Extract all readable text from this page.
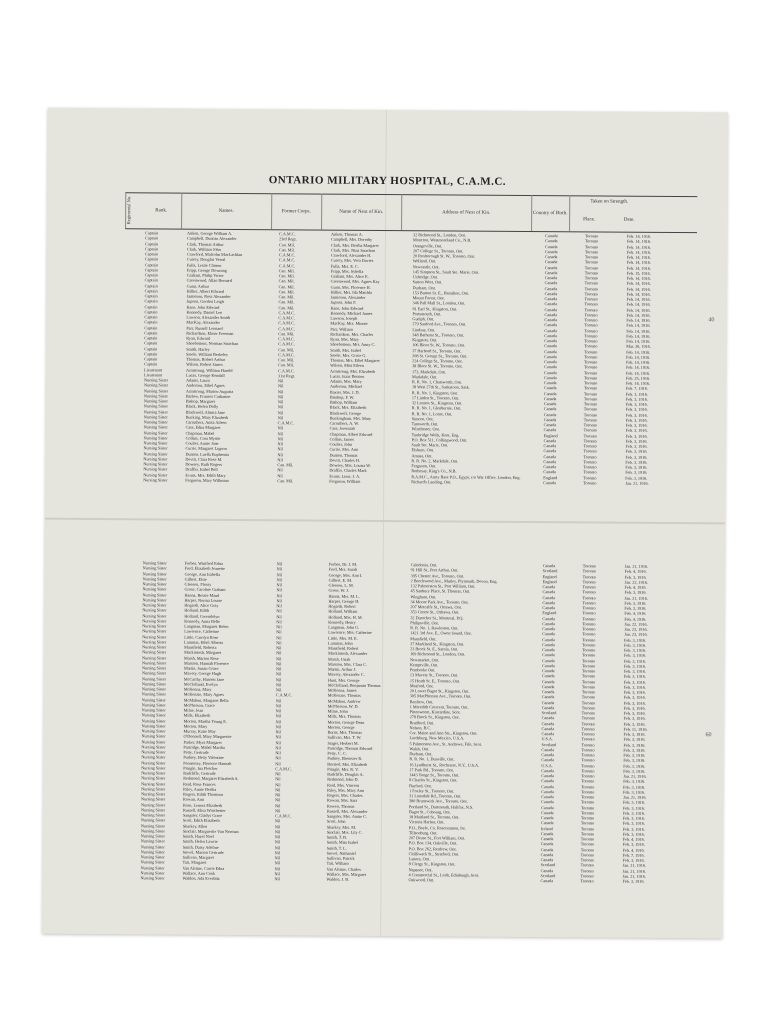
ONTARIO MILITARY HOSPITAL, C.A.M.C.
Regimental No.	Rank.	Names.	Former Corps.	Name of Next of Kin.	Address of Next of Kin.	Country of Birth.
Taken on Strength.
Place.	Date.
Captain	Aitken, George William A.	C.A.M.C.	Aitken, Thomas A.	32 Richmond St., London, Ont.	Canada	Toronto	Feb. 14, 1916.
Captain	Campbell, Duncan Alexander	23rd Regt.	Campbell, Mrs. Dorothy	Moncton, Westmoreland Co., N.B.	Canada	Toronto	Feb. 14, 1916.
Captain	Clark, Thomas Arthur	Can. Mil.	Clark, Mrs. Bertha Margaret	Orangeville, Ont.	Canada	Toronto	Feb. 14, 1916.
Captain	Clark, William John	Can. Mil.	Clark, Mrs. Nina Strachan	207 College St., Toronto, Ont.	Canada	Toronto	Feb. 14, 1916.
Captain	Crawford, Malcolm MacLachlan	C.A.M.C.	Crawford, Alexander H.	20 Roxborough St. W., Toronto, Ont.	Canada	Toronto	Feb. 14, 1916.
Captain	Currey, Douglas Verral	C.A.M.C.	Currey, Mrs. Vera Davies	Welland, Ont.	Canada	Toronto	Feb. 14, 1916.
Captain	Fulla, Leslie Clinton	C.A.M.C.	Fulla, Mrs. E. C.	Newcastle, Ont.	Canada	Toronto	Feb. 14, 1916.
Captain	Fripp, George Downing	Can. Mil.	Fripp, Mrs. Sybella	145 Simpson St., Sault Ste. Marie, Ont.	Canada	Toronto	Feb. 15, 1916.
Captain	Graham, Philip Victor	Can. Mil.	Graham, Mrs. Alice E.	Uxbridge, Ont.	Canada	Toronto	Feb. 14, 1916.
Captain	Greenwood, Allan Bernard	Can. Mil.	Greenwood, Mrs. Agnes Kay	Sutton West, Ont.	Canada	Toronto	Feb. 14, 1916.
Captain	Gunn, Arthur	Can. Mil.	Gunn, Mrs. Florence H.	Durham, Ont.	Canada	Toronto	Feb. 14, 1916.
Captain	Hillier, Albert Edward	Can. Mil.	Hillier, Mrs. Ida Matilda	153 Barton St. E., Hamilton, Ont.	Canada	Toronto	Feb. 14, 1916.
Captain	Jamieson, Ross Alexander	Can. Mil.	Jamieson, Alexander	Mount Forest, Ont.	Canada	Toronto	Feb. 14, 1916.
Captain	Jupson, Gordon Leigh	Can. Mil.	Jupson, John F.	346 Pall Mall St., London, Ont.	Canada	Toronto	Feb. 14, 1916.
Captain	Kane, John Edward	Can. Mil.	Kane, John Edward	81 Earl St., Kingston, Ont.	Canada	Toronto	Feb. 14, 1916.
Captain	Kennedy, Daniel Leo	C.A.M.C.	Kennedy, Michael James	Portsmouth, Ont.	Canada	Toronto	Feb. 14, 1916.
Captain	Lawson, Alexander Smith	C.A.M.C.	Lawson, Joseph	Guelph, Ont.	Canada	Toronto	Feb. 14, 1916.
Captain	MacKay, Alexander	C.A.M.C.	MacKay, Mrs. Minnie	279 Sanford Ave., Toronto, Ont.	Canada	Toronto	Feb. 14, 1916.
Captain	Parr, Russell Leonard	C.A.M.C.	Parr, William	Lindsay, Ont.	Canada	Toronto	Feb. 14, 1916.
Captain	Richardson, Elmer Freeman	Can. Mil.	Richardson, Mrs. Charles	348 Bathurst St., Toronto, Ont.	Canada	Toronto	Feb. 14, 1916.
Captain	Ryan, Edward	C.A.M.C.	Ryan, Mrs. Mary	Kingston, Ont.	Canada	Toronto	Feb. 14, 1916.
Captain	Shoebottom, Norman Strachan	C.A.M.C.	Shoebottom, Mrs. Anny C.	106 Bloor St. W., Toronto, Ont.	Canada	Toronto	Mar. 26, 1916.
Captain	Smith, Harley	Can. Mil.	Smith, Mrs. Isabel	37 Harbord St., Toronto, Ont.	Canada	Toronto	Feb. 14, 1916.
Captain	Steele, William Berkeley	C.A.M.C.	Steele, Mrs. Grace G.	208 St. George St., Toronto, Ont.	Canada	Toronto	Feb. 14, 1916.
Captain	Thomas, Robert Arthur	Can. Mil.	Thomas, Mrs. Ethel Margaret	224 College St., Toronto, Ont.	Canada	Toronto	Feb. 14, 1916.
Captain	Wilson, Robert James	Can. Mil.	Wilson, Miss Eileen	38 Bloor St. W., Toronto, Ont.	Canada	Toronto	Feb. 14, 1916.
Lieutenant	Armstrong, William Harold	C.A.M.C.	Armstrong, Mrs. Elizabeth	173, Markdale, Ont.	Canada	Toronto	Feb. 14, 1916.
Lieutenant	Lucas, George Kendall	31st Regt.	Lucas, Isaac Benson	Markdale, Ont.	Canada	Toronto	Feb. 25, 1916.
Nursing Sister	Adams, Laura	Nil	Adams, Mrs. Mary	R. R. No. 1, Chatsworth, Ont.	Canada	Toronto	Feb. 14, 1916.
Nursing Sister	Anderson, Ethel Agnes	Nil	Anderson, Michael	18 West 27th St., Saskatoon, Sask.	Canada	Toronto	Feb. 7, 1916.
Nursing Sister	Armstrong, Marion Augusta	Nil	Baxter, Mrs. J. D.	R. R. No. 1, Kingston, Ont.	Canada	Toronto	Feb. 3, 1916.
Nursing Sister	Barlow, Frances Catharine	Nil	Bisshop, F. W.	17 Linden St., Toronto, Ont.	Canada	Toronto	Feb. 3, 1916.
Nursing Sister	Bishop, Margaret	Nil	Bishop, William	32 Lennox St., Kingston, Ont.	Canada	Toronto	Feb. 3, 1916.
Nursing Sister	Black, Helen Dolly	Nil	Black, Mrs. Elizabeth	R. R. No. 1, Glenburnie, Ont.	Canada	Toronto	Feb. 3, 1916.
Nursing Sister	Blackwell, Almira Jane	Nil	Blackwell, George	R. R. No. 1, Lorne, Ont.	Canada	Toronto	Feb. 3, 1916.
Nursing Sister	Bucking, Mary Elizabeth	Nil	Buckingham, Mrs. Mary	Simcoe, Ont.	Canada	Toronto	Feb. 3, 1916.
Nursing Sister	Carruthers, Anita Aileen	C.A.M.C.	Carruthers, A. W.	Tamworth, Ont.	Canada	Toronto	Feb. 3, 1916.
Nursing Sister	Cass, Edna Margaret	Nil	Cass, Jeremiah	Winchester, Ont.	Canada	Toronto	Feb. 3, 1916.
Nursing Sister	Chapman, Mabel	Nil	Chapman, Albert Edward	Tunbridge Wells, Kent, Eng.	England	Toronto	Feb. 3, 1916.
Nursing Sister	Collins, Cora Myrtle	Nil	Collins, James	P.O. Box 511, Collingwood, Ont.	Canada	Toronto	Feb. 3, 1916.
Nursing Sister	Coulter, Annie Jane	Nil	Coulter, John	Sault Ste. Marie, Ont.	Canada	Toronto	Feb. 3, 1916.
Nursing Sister	Currie, Margaret Lignon	Nil	Currie, Mrs. Ann	Elsburn, Ont.	Canada	Toronto	Feb. 3, 1916.
Nursing Sister	Dunton, Luella Euphemia	Nil	Dunton, Thomas	Amasa, Ont.	Canada	Toronto	Feb. 3, 1916.
Nursing Sister	Devitt, Clara Rose M.	Nil	Devitt, Charles H.	R. R. No. 2, Markdale, Ont.	Canada	Toronto	Feb. 3, 1916.
Nursing Sister	Dowsey, Ruth Rogers	Can. Mil.	Dowsey, Mrs. Louisa W.	Ferguson, Ont.	Canada	Toronto	Feb. 3, 1916.
Nursing Sister	Draffin, Isabel Bell	Nil	Draffin, Charles Mark	Rothesay, King's Co., N.B.	Canada	Toronto	Feb. 3, 1916.
Nursing Sister	Evans, Mrs. Edith Mary	Nil	Evans, Lieut. J. A.	R.A.M.C., Army Base P.O., Egypt, c/o War Office, London, Eng.	England	Toronto	Feb. 3, 1916.
Nursing Sister	Ferguson, Mary Willmina	Can. Mil.	Ferguson, William	Richard's Landing, Ont.	Canada	Toronto	Jan. 21, 1916.
Nursing Sister	Forbes, Winifred Edna	Nil	Forbes, Dr. J. M.	Caledonia, Ont.	Canada	Toronto	Jan. 21, 1916.
Nursing Sister	Ford, Elizabeth Jeanette	Nil	Ford, Mrs. Sarah	91 Hill St., Port Arthur, Ont.	Scotland	Toronto	Feb. 4, 1916.
Nursing Sister	George, Ann Isabella	Nil	George, Mrs. Ann I.	395 Chester Ave., Toronto, Ont.	England	Toronto	Feb. 3, 1916.
Nursing Sister	Gilbert, Elsie	Nil	Gilbert, E. M.	2 Beechwood Ave., Mutley, Plymouth, Devon, Eng.	England	Toronto	Jan. 22, 1916.
Nursing Sister	Gleeson, Flossy	Nil	Gleeson, L. M.	132 Palmerston St., Port William, Ont.	Canada	Toronto	Feb. 4, 1916.
Nursing Sister	Grose, Caroline Graham	Nil	Grose, W. J.	45 Sanbury Place, St. Thomas, Ont.	Canada	Toronto	Feb. 3, 1916.
Nursing Sister	Hanna, Bessie Maud	Nil	Hanna, Mrs. M. L.	Wingham, Ont.	Canada	Toronto	Jan. 21, 1916.
Nursing Sister	Harper, Norma Louise	Nil	Harper, George H.	34 Moore Park Ave., Toronto, Ont.	Canada	Toronto	Feb. 3, 1916.
Nursing Sister	Hogarth, Alice Gray	Nil	Hogarth, Robert	207 Metcalfe St., Ottawa, Ont.	Canada	Toronto	Feb. 3, 1916.
Nursing Sister	Holland, Edith	Nil	Holland, William	353 Centre St., Oshawa, Ont.	England	Toronto	Feb. 4, 1916.
Nursing Sister	Holland, Gwendolyn	Nil	Holland, Mrs. H. M.	32 Durocher St., Montreal, P.Q.	Canada	Toronto	Feb. 4, 1916.
Nursing Sister	Kennedy, Anna Belle	Nil	Kennedy, Henry	Philipsville, Ont.	Canada	Toronto	Jan. 22, 1916.
Nursing Sister	Langman, Margaret Helen	Nil	Langman, John G.	R. R. No. 1, Rawleston, Ont.	Canada	Toronto	Jan. 23, 1916.
Nursing Sister	Lawrence, Catherine	Nil	Lawrence, Mrs. Catherine	1421 3rd Ave. E., Owen Sound, Ont.	Canada	Toronto	Jan. 23, 1916.
Nursing Sister	Little, Carolyn Rose	Nil	Little, Mrs. M. E.	Mansfield, Ont.	Canada	Toronto	Feb. 3, 1916.
Nursing Sister	Lammas, Ethel Alberta	Nil	Lammas, John	37 Markland St., Kingston, Ont.	Canada	Toronto	Feb. 3, 1916.
Nursing Sister	Mansfield, Roberta	Nil	Mansfield, Robert	23 Brock St. E., Sarnia, Ont.	Canada	Toronto	Feb. 3, 1916.
Nursing Sister	Mackintosh, Margaret	Nil	Mackintosh, Alexander	169 Richmond St., London, Ont.	Canada	Toronto	Feb. 3, 1916.
Nursing Sister	Marsh, Marion Rose	Nil	Marsh, Uriah	Newmarket, Ont.	Canada	Toronto	Feb. 3, 1916.
Nursing Sister	Marston, Hannah Florence	Nil	Marston, Mrs. Clara C.	Kemptville, Ont.	Canada	Toronto	Feb. 3, 1916.
Nursing Sister	Martin, Susan Grace	Nil	Martin, Arthur J.	Pembroke Ont.	Canada	Toronto	Feb. 3, 1916.
Nursing Sister	Mavety, George Hugh	Nil	Mavety, Alexander C.	13 Mavety St., Toronto, Ont.	Canada	Toronto	Feb. 3, 1916.
Nursing Sister	McCarthy, Harriett Jane	Nil	Hunt, Mrs. George	15 Heath St. E., Toronto, Ont.	Canada	Toronto	Feb. 3, 1916.
Nursing Sister	McClelland, Evelyn	Nil	McClelland, Benjamin Thomas	Meaford, Ont.	Canada	Toronto	Feb. 3, 1916.
Nursing Sister	McKenna, Mary	Nil	McKenna, James	20 Lower Bagot St., Kingston, Ont.	Canada	Toronto	Feb. 3, 1916.
Nursing Sister	McKenzie, Mary Agnes	C.A.M.C.	McKenzie, Thomas	305 MacPherson Ave., Toronto, Ont.	Canada	Toronto	Feb. 3, 1916.
Nursing Sister	McMahon, Margaret Bella	Nil	McMahon, Andrew	Renfrew, Ont.	Canada	Toronto	Feb. 3, 1916.
Nursing Sister	McPherson, Grace	Nil	McPherson, W. D.	1 Meredith Crescent, Toronto, Ont.	Canada	Toronto	Feb. 3, 1916.
Nursing Sister	Milne, Jean	Nil	Milne, John	Pittenweem, Kincardine, Scot.	Scotland	Toronto	Feb. 3, 1916.
Nursing Sister	Mills, Elizabeth	Nil	Mills, Mrs. Thomas	278 Brock St., Kingston, Ont.	Canada	Toronto	Feb. 3, 1916.
Nursing Sister	Morton, Martha Young E.	Nil	Morton, George Dean	Bradford, Ont.	Canada	Toronto	Feb. 3, 1916.
Nursing Sister	Morton, Mary	Nil	Morton, George	Nelson, B.C.	Canada	Toronto	Feb. 11, 1916.
Nursing Sister	Murray, Katie May	Nil	Burns, Mrs. Thomas	Cor. Maine and Ann Sts., Kingston, Ont.	Canada	Toronto	Feb. 3, 1916.
Nursing Sister	O'Donnell, Mary Marguerite	Nil	Sullivan, Mrs. T. W.	Lordsburg, New Mexico, U.S.A.	U.S.A.	Toronto	Feb. 3, 1916.
Nursing Sister	Parker, Myra Margaret	Nil	Stager, Herbert M.	5 Palmerston Ave., St. Andrews, Fife, Scot.	Scotland	Toronto	Feb. 3, 1916.
Nursing Sister	Partridge, Mabel Martha	Nil	Partridge, Thomas Edward	Walsh, Ont.	Canada	Toronto	Feb. 3, 1916.
Nursing Sister	Petty, Gertrude	Nil	Petty, C. C.	Durham, Ont.	Canada	Toronto	Feb. 3, 1916.
Nursing Sister	Pudney, Hetty Valentine	Nil	Pudney, Ebenezer R.	R. R. No. 1, Dunville, Ont.	Canada	Toronto	Feb. 3, 1916.
Nursing Sister	Pennessey, Florence Hannah	Nil	Borsted, Mrs. Elizabeth	16 Lyndhurst St., Rochester, N.Y., U.S.A.	U.S.A.	Toronto	Feb. 3, 1916.
Nursing Sister	Pringle, Ina Fletcher	C.A.M.C.	Pringle, Mrs. R. V.	17 Park Rd., Toronto, Ont.	Canada	Toronto	Feb. 3, 1916.
Nursing Sister	Radcliffe, Gertrude	Nil	Radcliffe, Douglas A.	1443 Yonge St., Toronto, Ont.	Canada	Toronto	Jan. 21, 1916.
Nursing Sister	Redmond, Margaret Elizabeth A.	Nil	Redmond, John D.	8 Charles St., Kingston, Ont.	Canada	Toronto	Feb. 3, 1916.
Nursing Sister	Reid, Rose Frances	Nil	Reid, Mrs. Vincent	Burford, Ont.	Canada	Toronto	Feb. 3, 1916.
Nursing Sister	Riley, Annie Bertha	Nil	Riley, Mrs. Mary Ann	1 Foxley St., Toronto, Ont.	Canada	Toronto	Feb. 3, 1916.
Nursing Sister	Rogers, Edith Thomson	Nil	Rogers, Mrs. Charles	31 Lonsdale Rd., Toronto, Ont.	Canada	Toronto	Jan. 21, 1916.
Nursing Sister	Rowan, Ann	Nil	Rowan, Mrs. Sara	380 Brunswick Ave., Toronto, Ont.	Canada	Toronto	Feb. 3, 1916.
Nursing Sister	Rose, Lenora Elizabeth	Nil	Rowen, Thomas	Portland St., Dartmouth, Halifax, N.S.	Canada	Toronto	Feb. 3, 1916.
Nursing Sister	Russell, Elisa Winchester	Nil	Russell, Mrs. Alexander	Bagot St., Cobourg, Ont.	Canada	Toronto	Feb. 3, 1916.
Nursing Sister	Sangster, Gladys Grace	C.A.M.C.	Sangster, Mrs. Annie C.	18 Maitland St., Toronto, Ont.	Canada	Toronto	Feb. 3, 1916.
Nursing Sister	Scott, Edith Elizabeth	Nil	Scott, John	Victoria Harbor, Ont.	Canada	Toronto	Feb. 3, 1916.
Nursing Sister	Sharkey, Ellen	Nil	Sharkey, Mrs. M.	P.O., Boyle, Co. Roscommon, Ire.	Ireland	Toronto	Feb. 3, 1916.
Nursing Sister	Sinclair, Marguerite Van Norman	Nil	Sinclair, Mrs. Lily C.	Tillsonburg, Ont.	Canada	Toronto	Feb. 3, 1916.
Nursing Sister	Smith, Hazel Noel	Nil	Smith, T. B.	207 Dease St., Fort William, Ont.	Canada	Toronto	Feb. 4, 1916.
Nursing Sister	Smith, Helen Lawrie	Nil	Smith, Miss Isabel	P.O. Box 134, Oakville, Ont.	Canada	Toronto	Feb. 3, 1916.
Nursing Sister	Smith, Daisy Adeline	Nil	Smith, T. L.	P.O. Box 262, Renfrew, Ont.	Canada	Toronto	Feb. 4, 1916.
Nursing Sister	Stovel, Marion Gertrude	Nil	Stovel, Nathaniel	Chilliwack St., Stratford, Ont.	Canada	Toronto	Feb. 7, 1916.
Nursing Sister	Sullivan, Margaret	Nil	Sullivan, Patrick	Lanora, Ont.	Canada	Toronto	Feb. 3, 1916.
Nursing Sister	Tait, Margaret	Nil	Tait, William	8 Clergy St., Kingston, Ont.	Scotland	Toronto	Jan. 21, 1916.
Nursing Sister	Van Alstine, Carrie Edna	Nil	Van Alstine, Charles	Napanee, Ont.	Canada	Toronto	Jan. 21, 1916.
Nursing Sister	Wallace, Ann Cook	Nil	Wallace, Mrs. Margaret	4 Commercial St., Leith, Edinburgh, Scot.	Scotland	Toronto	Jan. 21, 1916.
Nursing Sister	Waldon, Ada Everilda	Nil	Waldon, J. B.	Oakwood, Ont.	Canada	Toronto	Feb. 3, 1916.
40
60
